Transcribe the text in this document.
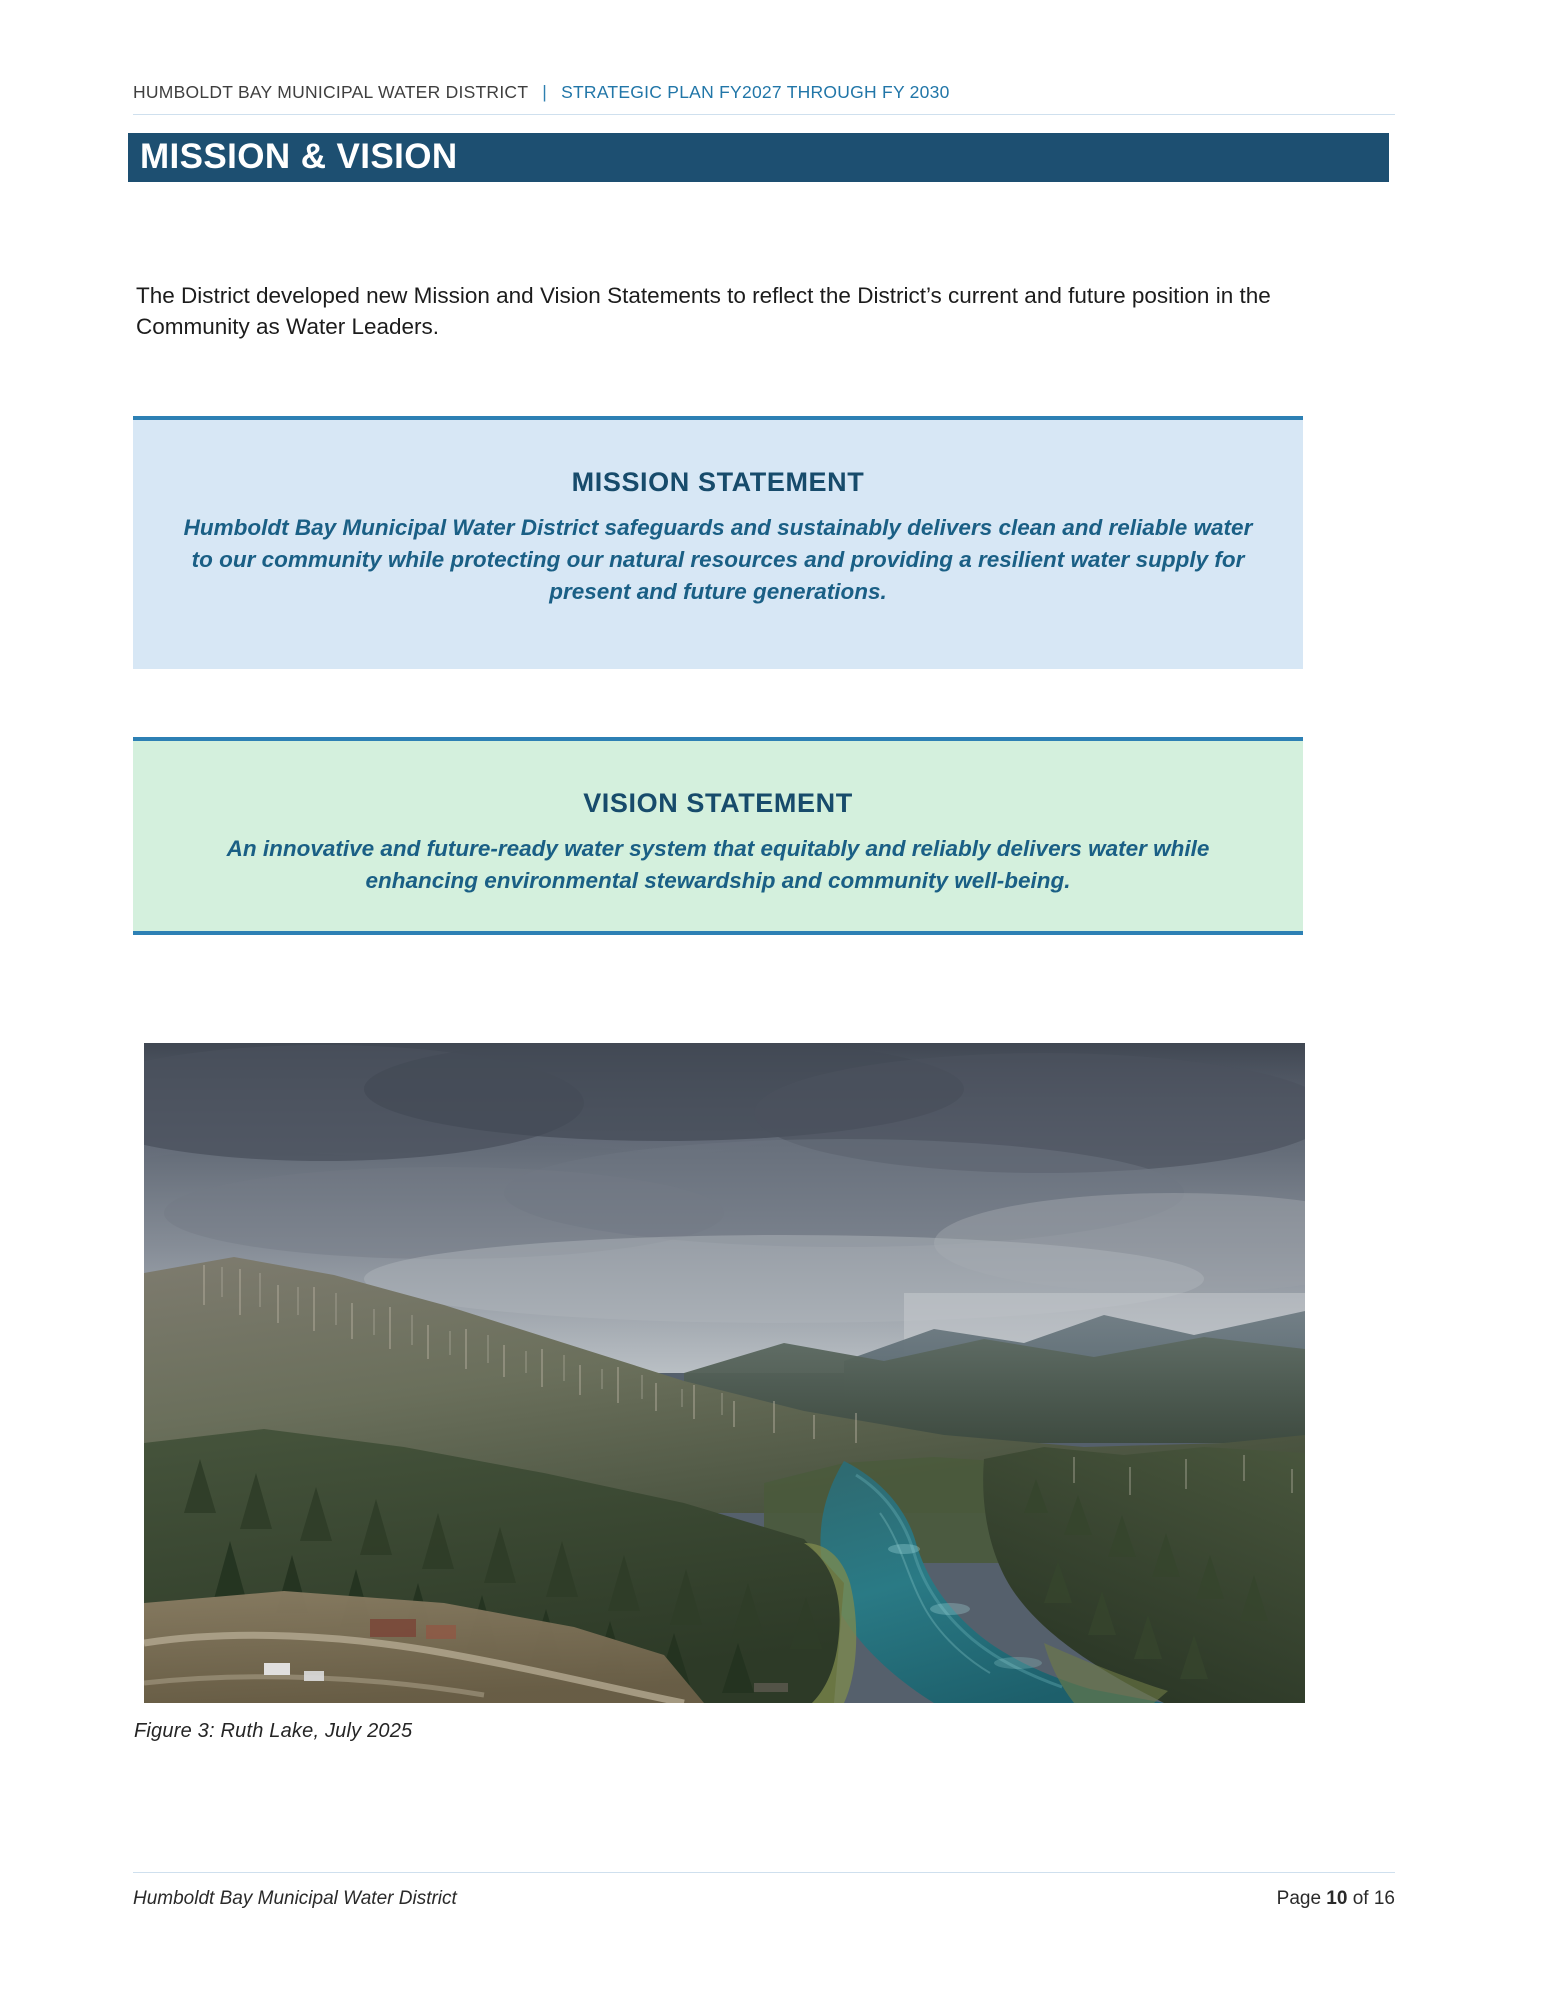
HUMBOLDT BAY MUNICIPAL WATER DISTRICT | STRATEGIC PLAN FY2027 THROUGH FY 2030
MISSION & VISION

The District developed new Mission and Vision Statements to reflect the District’s current and future position in the Community as Water Leaders.

MISSION STATEMENT

Humboldt Bay Municipal Water District safeguards and sustainably delivers clean and reliable water to our community while protecting our natural resources and providing a resilient water supply for present and future generations.

VISION STATEMENT

An innovative and future-ready water system that equitably and reliably delivers water while enhancing environmental stewardship and community well-being.

Figure 3: Ruth Lake, July 2025
Humboldt Bay Municipal Water District	Page 10 of 16
